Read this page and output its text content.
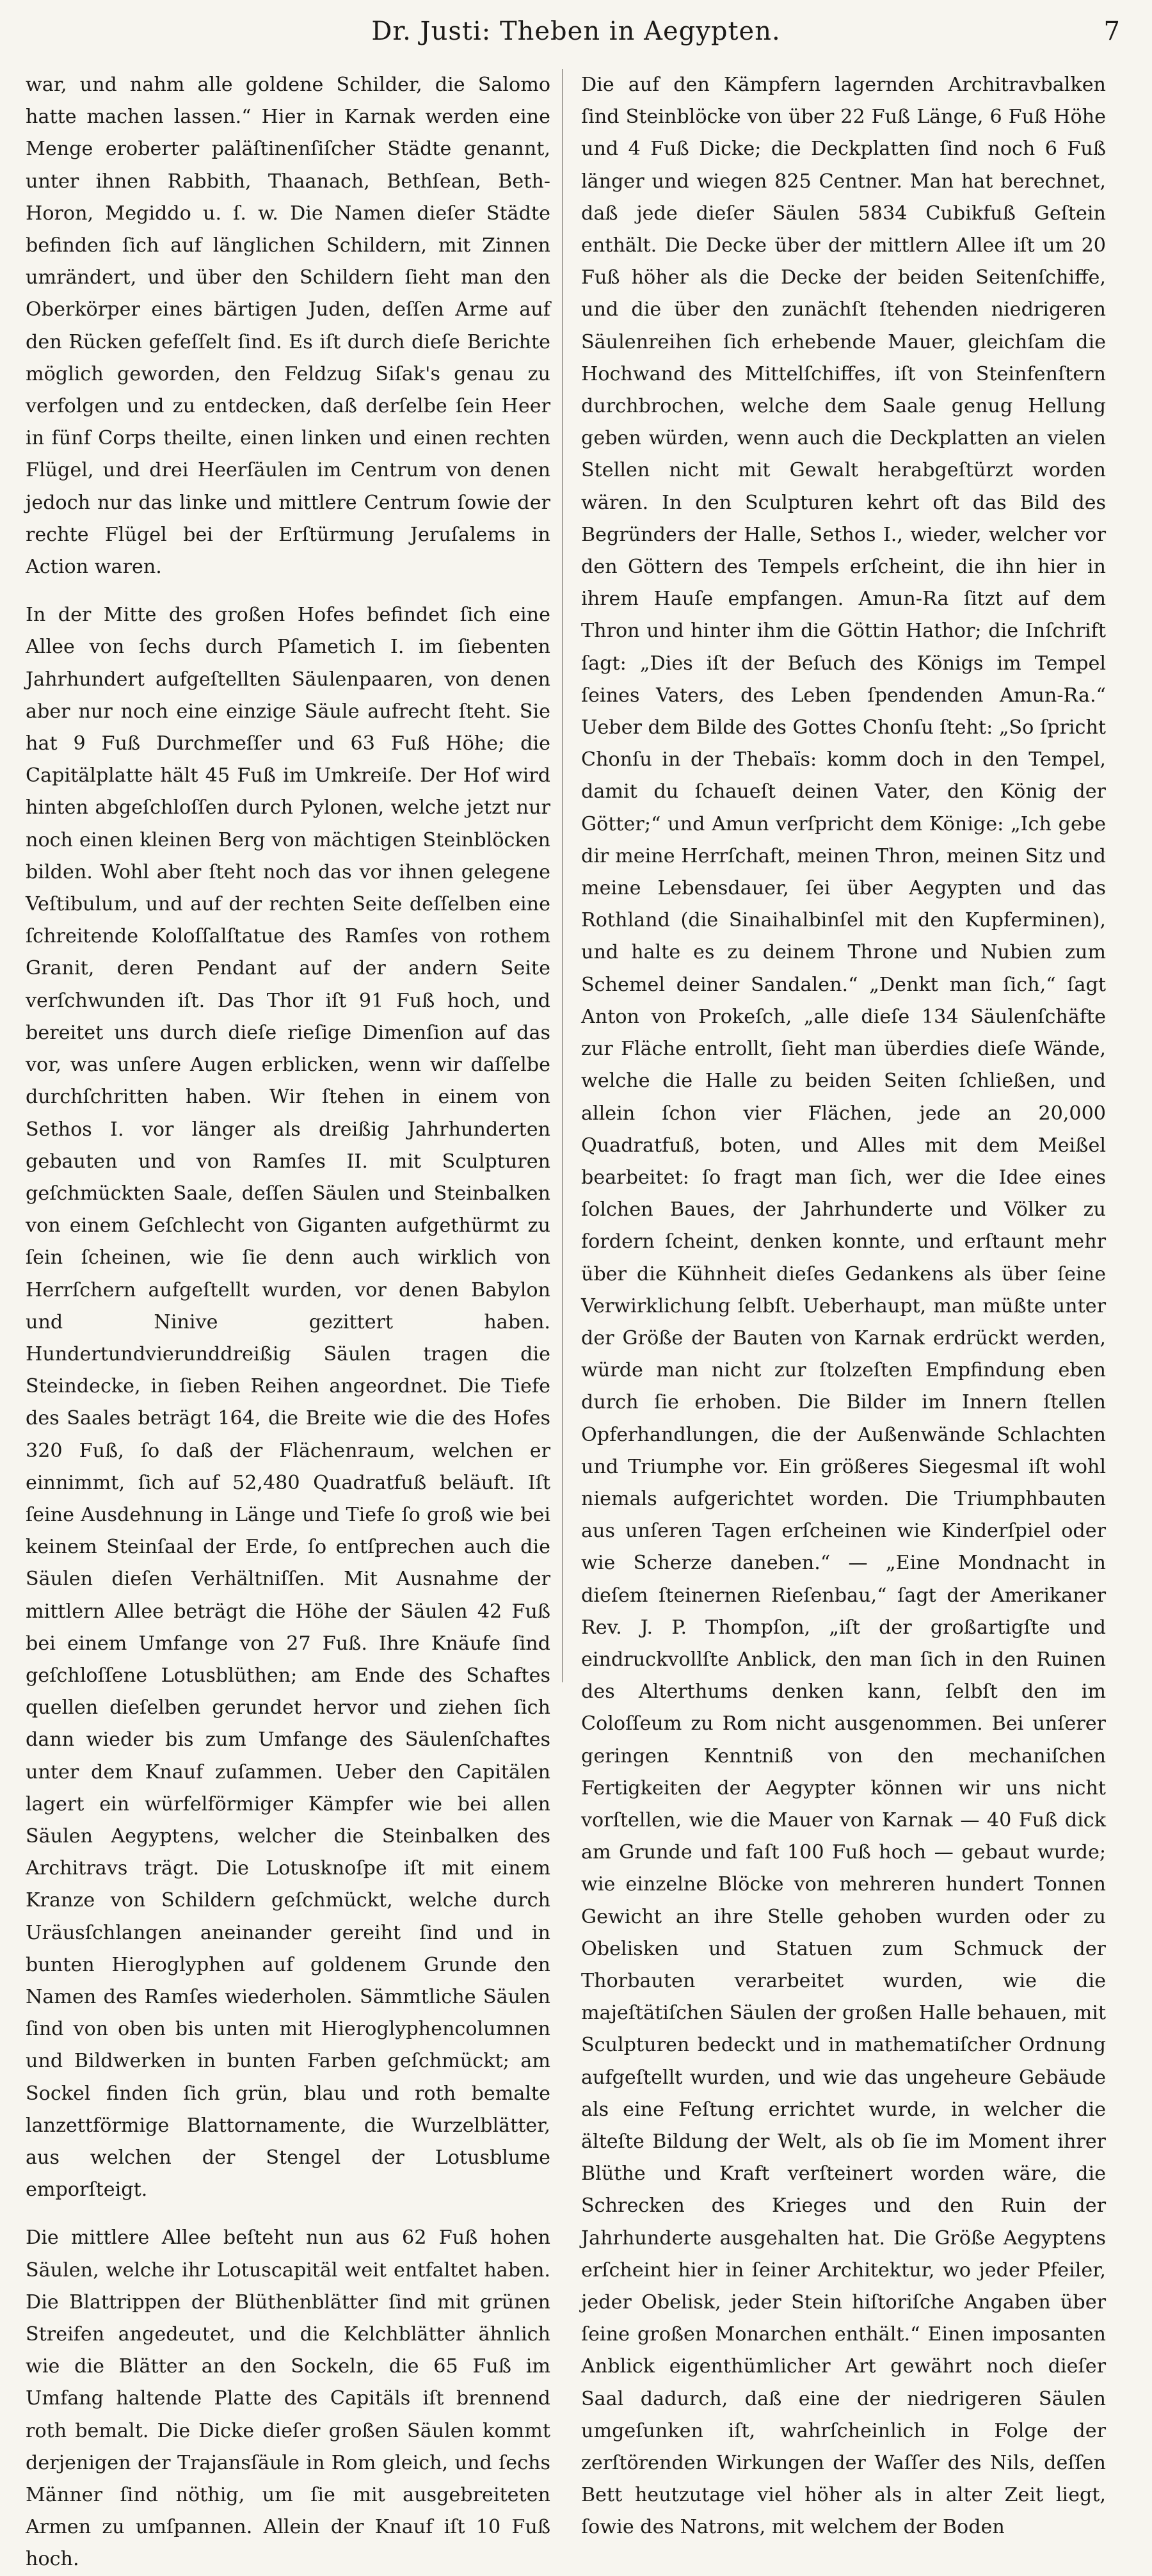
Dr. Justi: Theben in Aegypten.	7

war, und nahm alle goldene Schilder, die Salomo hatte machen lassen.“ Hier in Karnak werden eine Menge eroberter paläſtinenſiſcher Städte genannt, unter ihnen Rabbith, Thaanach, Bethſean, Beth-Horon, Megiddo u. ſ. w. Die Namen dieſer Städte befinden ſich auf länglichen Schildern, mit Zinnen umrändert, und über den Schildern ſieht man den Oberkörper eines bärtigen Juden, deſſen Arme auf den Rücken gefeſſelt ſind. Es iſt durch dieſe Berichte möglich geworden, den Feldzug Siſak's genau zu verfolgen und zu entdecken, daß derſelbe ſein Heer in fünf Corps theilte, einen linken und einen rechten Flügel, und drei Heerſäulen im Centrum von denen jedoch nur das linke und mittlere Centrum ſowie der rechte Flügel bei der Erſtürmung Jeruſalems in Action waren.

In der Mitte des großen Hofes befindet ſich eine Allee von ſechs durch Pſametich I. im ſiebenten Jahrhundert aufgeſtellten Säulenpaaren, von denen aber nur noch eine einzige Säule aufrecht ſteht. Sie hat 9 Fuß Durchmeſſer und 63 Fuß Höhe; die Capitälplatte hält 45 Fuß im Umkreiſe. Der Hof wird hinten abgeſchloſſen durch Pylonen, welche jetzt nur noch einen kleinen Berg von mächtigen Steinblöcken bilden. Wohl aber ſteht noch das vor ihnen gelegene Veſtibulum, und auf der rechten Seite deſſelben eine ſchreitende Koloſſalſtatue des Ramſes von rothem Granit, deren Pendant auf der andern Seite verſchwunden iſt. Das Thor iſt 91 Fuß hoch, und bereitet uns durch dieſe rieſige Dimenſion auf das vor, was unſere Augen erblicken, wenn wir daſſelbe durchſchritten haben. Wir ſtehen in einem von Sethos I. vor länger als dreißig Jahrhunderten gebauten und von Ramſes II. mit Sculpturen geſchmückten Saale, deſſen Säulen und Steinbalken von einem Geſchlecht von Giganten aufgethürmt zu ſein ſcheinen, wie ſie denn auch wirklich von Herrſchern aufgeſtellt wurden, vor denen Babylon und Ninive gezittert haben. Hundertundvierunddreißig Säulen tragen die Steindecke, in ſieben Reihen angeordnet. Die Tiefe des Saales beträgt 164, die Breite wie die des Hofes 320 Fuß, ſo daß der Flächenraum, welchen er einnimmt, ſich auf 52,480 Quadratfuß beläuft. Iſt ſeine Ausdehnung in Länge und Tiefe ſo groß wie bei keinem Steinſaal der Erde, ſo entſprechen auch die Säulen dieſen Verhältniſſen. Mit Ausnahme der mittlern Allee beträgt die Höhe der Säulen 42 Fuß bei einem Umfange von 27 Fuß. Ihre Knäufe ſind geſchloſſene Lotusblüthen; am Ende des Schaftes quellen dieſelben gerundet hervor und ziehen ſich dann wieder bis zum Umfange des Säulenſchaftes unter dem Knauf zuſammen. Ueber den Capitälen lagert ein würfelförmiger Kämpfer wie bei allen Säulen Aegyptens, welcher die Steinbalken des Architravs trägt. Die Lotusknoſpe iſt mit einem Kranze von Schildern geſchmückt, welche durch Uräusſchlangen aneinander gereiht ſind und in bunten Hieroglyphen auf goldenem Grunde den Namen des Ramſes wiederholen. Sämmtliche Säulen ſind von oben bis unten mit Hieroglyphencolumnen und Bildwerken in bunten Farben geſchmückt; am Sockel finden ſich grün, blau und roth bemalte lanzettförmige Blattornamente, die Wurzelblätter, aus welchen der Stengel der Lotusblume emporſteigt.

Die mittlere Allee beſteht nun aus 62 Fuß hohen Säulen, welche ihr Lotuscapitäl weit entfaltet haben. Die Blattrippen der Blüthenblätter ſind mit grünen Streifen angedeutet, und die Kelchblätter ähnlich wie die Blätter an den Sockeln, die 65 Fuß im Umfang haltende Platte des Capitäls iſt brennend roth bemalt. Die Dicke dieſer großen Säulen kommt derjenigen der Trajansſäule in Rom gleich, und ſechs Männer ſind nöthig, um ſie mit ausgebreiteten Armen zu umſpannen. Allein der Knauf iſt 10 Fuß hoch.

Die auf den Kämpfern lagernden Architravbalken ſind Steinblöcke von über 22 Fuß Länge, 6 Fuß Höhe und 4 Fuß Dicke; die Deckplatten ſind noch 6 Fuß länger und wiegen 825 Centner. Man hat berechnet, daß jede dieſer Säulen 5834 Cubikfuß Geſtein enthält. Die Decke über der mittlern Allee iſt um 20 Fuß höher als die Decke der beiden Seitenſchiffe, und die über den zunächſt ſtehenden niedrigeren Säulenreihen ſich erhebende Mauer, gleichſam die Hochwand des Mittelſchiffes, iſt von Steinfenſtern durchbrochen, welche dem Saale genug Hellung geben würden, wenn auch die Deckplatten an vielen Stellen nicht mit Gewalt herabgeſtürzt worden wären. In den Sculpturen kehrt oft das Bild des Begründers der Halle, Sethos I., wieder, welcher vor den Göttern des Tempels erſcheint, die ihn hier in ihrem Hauſe empfangen. Amun-Ra ſitzt auf dem Thron und hinter ihm die Göttin Hathor; die Inſchrift ſagt: „Dies iſt der Beſuch des Königs im Tempel ſeines Vaters, des Leben ſpendenden Amun-Ra.“ Ueber dem Bilde des Gottes Chonſu ſteht: „So ſpricht Chonſu in der Thebaïs: komm doch in den Tempel, damit du ſchaueſt deinen Vater, den König der Götter;“ und Amun verſpricht dem Könige: „Ich gebe dir meine Herrſchaft, meinen Thron, meinen Sitz und meine Lebensdauer, ſei über Aegypten und das Rothland (die Sinaihalbinſel mit den Kupferminen), und halte es zu deinem Throne und Nubien zum Schemel deiner Sandalen.“ „Denkt man ſich,“ ſagt Anton von Prokeſch, „alle dieſe 134 Säulenſchäfte zur Fläche entrollt, ſieht man überdies dieſe Wände, welche die Halle zu beiden Seiten ſchließen, und allein ſchon vier Flächen, jede an 20,000 Quadratfuß, boten, und Alles mit dem Meißel bearbeitet: ſo fragt man ſich, wer die Idee eines ſolchen Baues, der Jahrhunderte und Völker zu fordern ſcheint, denken konnte, und erſtaunt mehr über die Kühnheit dieſes Gedankens als über ſeine Verwirklichung ſelbſt. Ueberhaupt, man müßte unter der Größe der Bauten von Karnak erdrückt werden, würde man nicht zur ſtolzeſten Empfindung eben durch ſie erhoben. Die Bilder im Innern ſtellen Opferhandlungen, die der Außenwände Schlachten und Triumphe vor. Ein größeres Siegesmal iſt wohl niemals aufgerichtet worden. Die Triumphbauten aus unſeren Tagen erſcheinen wie Kinderſpiel oder wie Scherze daneben.“ — „Eine Mondnacht in dieſem ſteinernen Rieſenbau,“ ſagt der Amerikaner Rev. J. P. Thompſon, „iſt der großartigſte und eindruckvollſte Anblick, den man ſich in den Ruinen des Alterthums denken kann, ſelbſt den im Coloſſeum zu Rom nicht ausgenommen. Bei unſerer geringen Kenntniß von den mechaniſchen Fertigkeiten der Aegypter können wir uns nicht vorſtellen, wie die Mauer von Karnak — 40 Fuß dick am Grunde und faſt 100 Fuß hoch — gebaut wurde; wie einzelne Blöcke von mehreren hundert Tonnen Gewicht an ihre Stelle gehoben wurden oder zu Obelisken und Statuen zum Schmuck der Thorbauten verarbeitet wurden, wie die majeſtätiſchen Säulen der großen Halle behauen, mit Sculpturen bedeckt und in mathematiſcher Ordnung aufgeſtellt wurden, und wie das ungeheure Gebäude als eine Feſtung errichtet wurde, in welcher die älteſte Bildung der Welt, als ob ſie im Moment ihrer Blüthe und Kraft verſteinert worden wäre, die Schrecken des Krieges und den Ruin der Jahrhunderte ausgehalten hat. Die Größe Aegyptens erſcheint hier in ſeiner Architektur, wo jeder Pfeiler, jeder Obelisk, jeder Stein hiſtoriſche Angaben über ſeine großen Monarchen enthält.“ Einen imposanten Anblick eigenthümlicher Art gewährt noch dieſer Saal dadurch, daß eine der niedrigeren Säulen umgeſunken iſt, wahrſcheinlich in Folge der zerſtörenden Wirkungen der Waſſer des Nils, deſſen Bett heutzutage viel höher als in alter Zeit liegt, ſowie des Natrons, mit welchem der Boden
